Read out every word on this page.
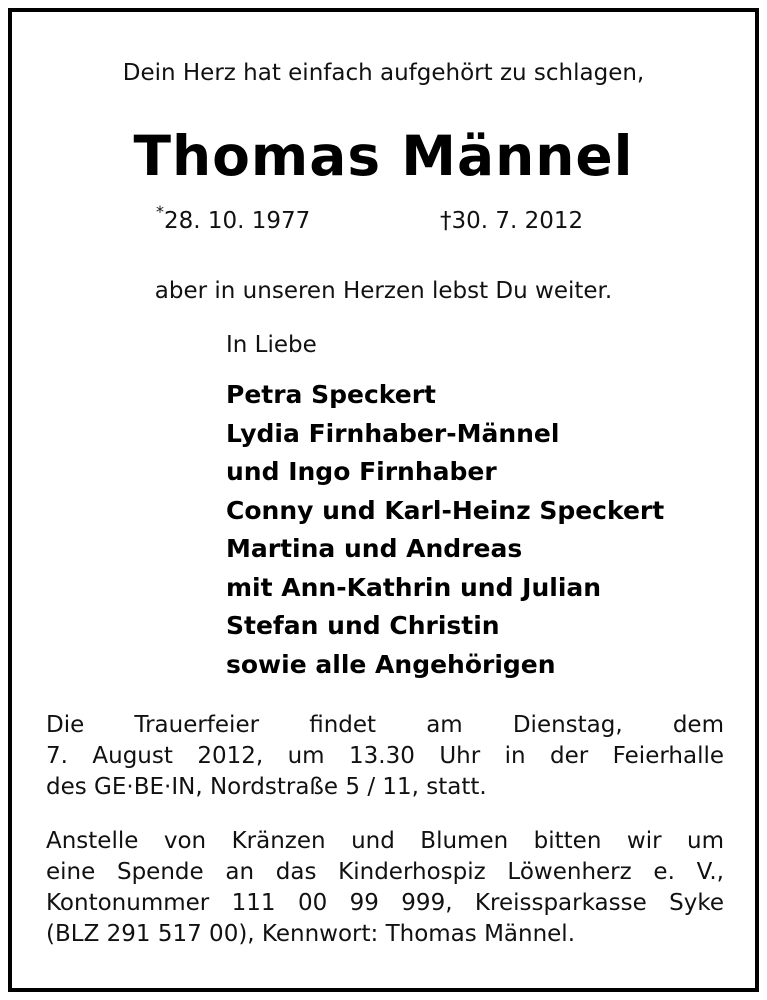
Dein Herz hat einfach aufgehört zu schlagen,
Thomas Männel
* 28. 10. 1977	†30. 7. 2012
aber in unseren Herzen lebst Du weiter.
In Liebe
Petra Speckert
Lydia Firnhaber-Männel
und Ingo Firnhaber
Conny und Karl-Heinz Speckert
Martina und Andreas
mit Ann-Kathrin und Julian
Stefan und Christin
sowie alle Angehörigen
Die Trauerfeier findet am Dienstag, dem
7. August 2012, um 13.30 Uhr in der Feierhalle
des GE·BE·IN, Nordstraße 5 / 11, statt.
Anstelle von Kränzen und Blumen bitten wir um
eine Spende an das Kinderhospiz Löwenherz e. V.,
Kontonummer 111 00 99 999, Kreissparkasse Syke
(BLZ 291 517 00), Kennwort: Thomas Männel.
